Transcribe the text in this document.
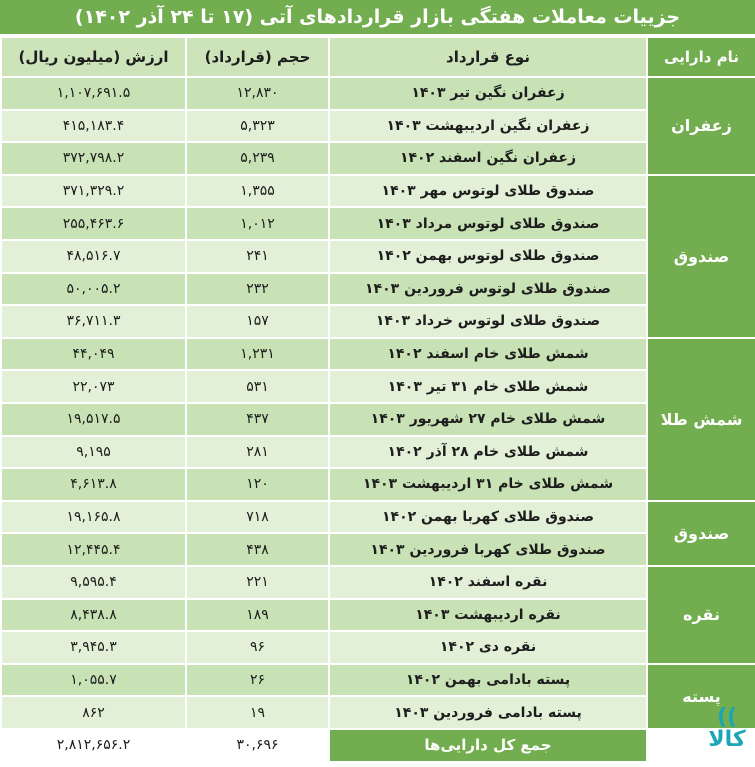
جزییات معاملات هفتگی بازار قراردادهای آتی (۱۷ تا ۲۴ آذر ۱۴۰۲)
نام دارایی	نوع قرارداد	حجم (قرارداد)	ارزش (میلیون ریال)
زعفران	زعفران نگین تیر ۱۴۰۳	۱۲,۸۳۰	۱,۱۰۷,۶۹۱.۵
	زعفران نگین اردیبهشت ۱۴۰۳	۵,۳۲۳	۴۱۵,۱۸۳.۴
	زعفران نگین اسفند ۱۴۰۲	۵,۲۳۹	۳۷۲,۷۹۸.۲
صندوق	صندوق طلای لوتوس مهر ۱۴۰۳	۱,۳۵۵	۳۷۱,۳۲۹.۲
	صندوق طلای لوتوس مرداد ۱۴۰۳	۱,۰۱۲	۲۵۵,۴۶۳.۶
	صندوق طلای لوتوس بهمن ۱۴۰۲	۲۴۱	۴۸,۵۱۶.۷
	صندوق طلای لوتوس فروردین ۱۴۰۳	۲۳۲	۵۰,۰۰۵.۲
	صندوق طلای لوتوس خرداد ۱۴۰۳	۱۵۷	۳۶,۷۱۱.۳
شمش طلا	شمش طلای خام اسفند ۱۴۰۲	۱,۲۳۱	۴۴,۰۴۹
	شمش طلای خام ۳۱ تیر ۱۴۰۳	۵۳۱	۲۲,۰۷۳
	شمش طلای خام ۲۷ شهریور ۱۴۰۳	۴۳۷	۱۹,۵۱۷.۵
	شمش طلای خام ۲۸ آذر ۱۴۰۲	۲۸۱	۹,۱۹۵
	شمش طلای خام ۳۱ اردیبهشت ۱۴۰۳	۱۲۰	۴,۶۱۳.۸
صندوق	صندوق طلای کهربا بهمن ۱۴۰۲	۷۱۸	۱۹,۱۶۵.۸
	صندوق طلای کهربا فروردین ۱۴۰۳	۴۳۸	۱۲,۴۴۵.۴
نقره	نقره اسفند ۱۴۰۲	۲۲۱	۹,۵۹۵.۴
	نقره اردیبهشت ۱۴۰۳	۱۸۹	۸,۴۳۸.۸
	نقره دی ۱۴۰۲	۹۶	۳,۹۴۵.۳
پسته	پسته بادامی بهمن ۱۴۰۲	۲۶	۱,۰۵۵.۷
	پسته بادامی فروردین ۱۴۰۳	۱۹	۸۶۲
	جمع کل دارایی‌ها	۳۰,۶۹۶	۲,۸۱۲,۶۵۶.۲
((
کالا
